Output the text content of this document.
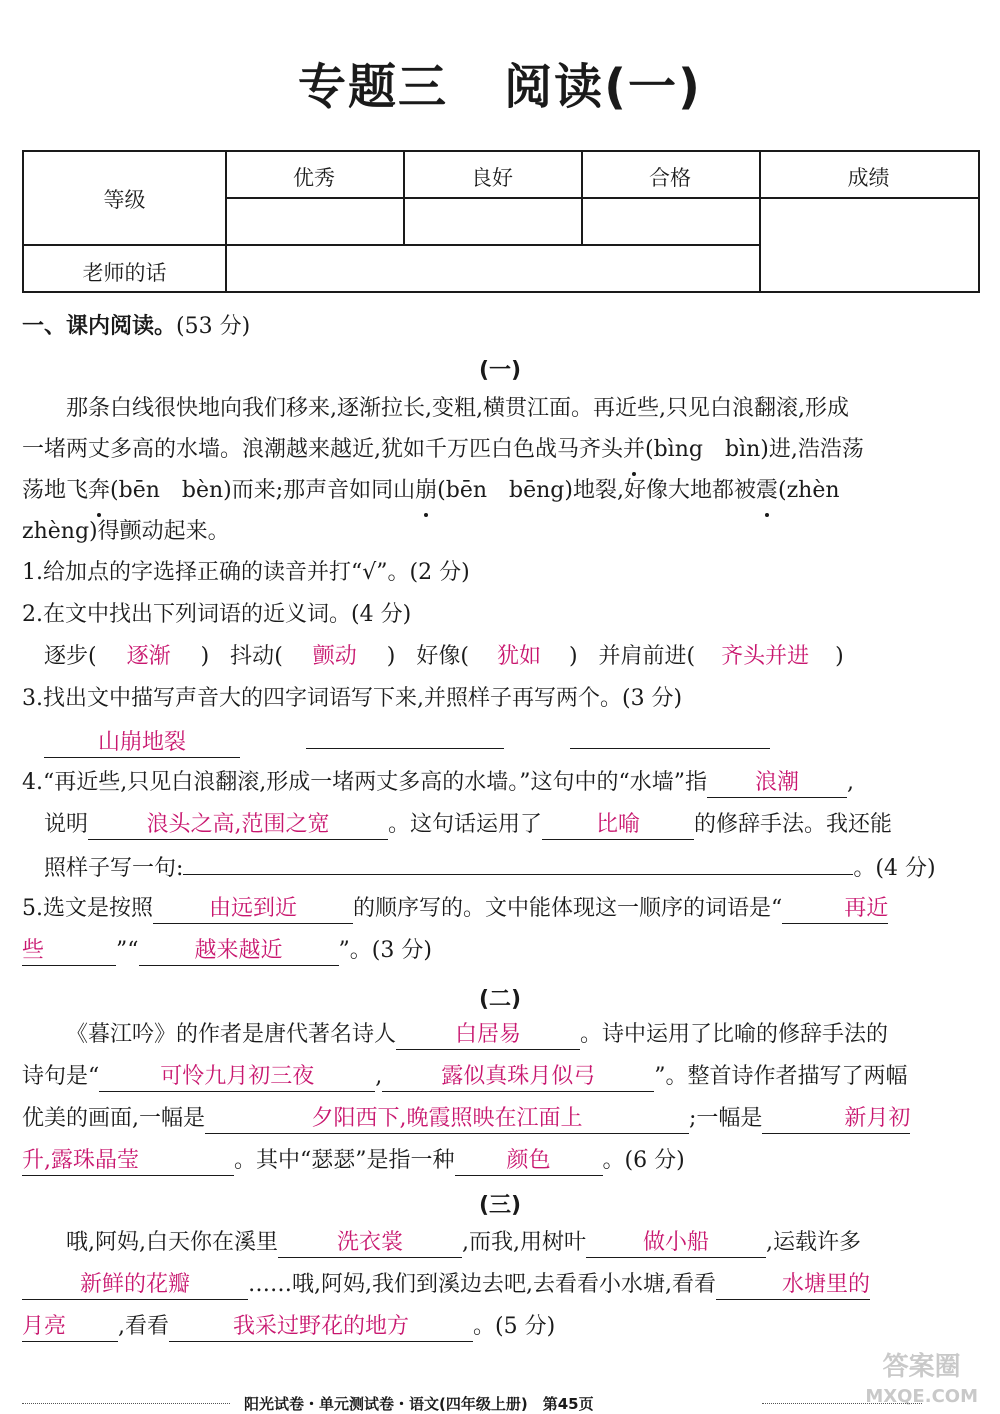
专题三 阅读(一)
等级
优秀	良好	合格	成绩
老师的话
一、课内阅读。(53 分)
(一)
那条白线很快地向我们移来,逐渐拉长,变粗,横贯江面。再近些,只见白浪翻滚,形成
一堵两丈多高的水墙。浪潮越来越近,犹如千万匹白色战马齐头并(bìng　bìn)进,浩浩荡
荡地飞奔(bēn　bèn)而来;那声音如同山崩(bēn　bēng)地裂,好像大地都被震(zhèn
zhèng)得颤动起来。
1.给加点的字选择正确的读音并打“√”。(2 分)
2.在文中找出下列词语的近义词。(4 分)
逐步( 逐渐 )   抖动( 颤动 )   好像( 犹如 )   并肩前进( 齐头并进 )
3.找出文中描写声音大的四字词语写下来,并照样子再写两个。(3 分)
山崩地裂
4.“再近些,只见白浪翻滚,形成一堵两丈多高的水墙。”这句中的“水墙”指 浪潮 ,
说明	浪头之高,范围之宽	。这句话运用了 比喻 的修辞手法。我还能
照样子写一句:	。(4 分)
5.选文是按照	由远到近	的顺序写的。文中能体现这一顺序的词语是“	再近
些	”“	越来越近	”。(3 分)
(二)
《暮江吟》的作者是唐代著名诗人	白居易	。诗中运用了比喻的修辞手法的
诗句是“	可怜九月初三夜	,	露似真珠月似弓	”。整首诗作者描写了两幅
优美的画面,一幅是	夕阳西下,晚霞照映在江面上	;一幅是	新月初
升,露珠晶莹	。其中“瑟瑟”是指一种 颜色 。(6 分)
(三)
哦,阿妈,白天你在溪里	洗衣裳	,而我,用树叶	做小船	,运载许多
新鲜的花瓣	……哦,阿妈,我们到溪边去吧,去看看小水塘,看看	水塘里的
月亮 ,看看	我采过野花的地方	。(5 分)
答案圈
MXQE.COM
阳光试卷・单元测试卷・语文(四年级上册)　第45页
